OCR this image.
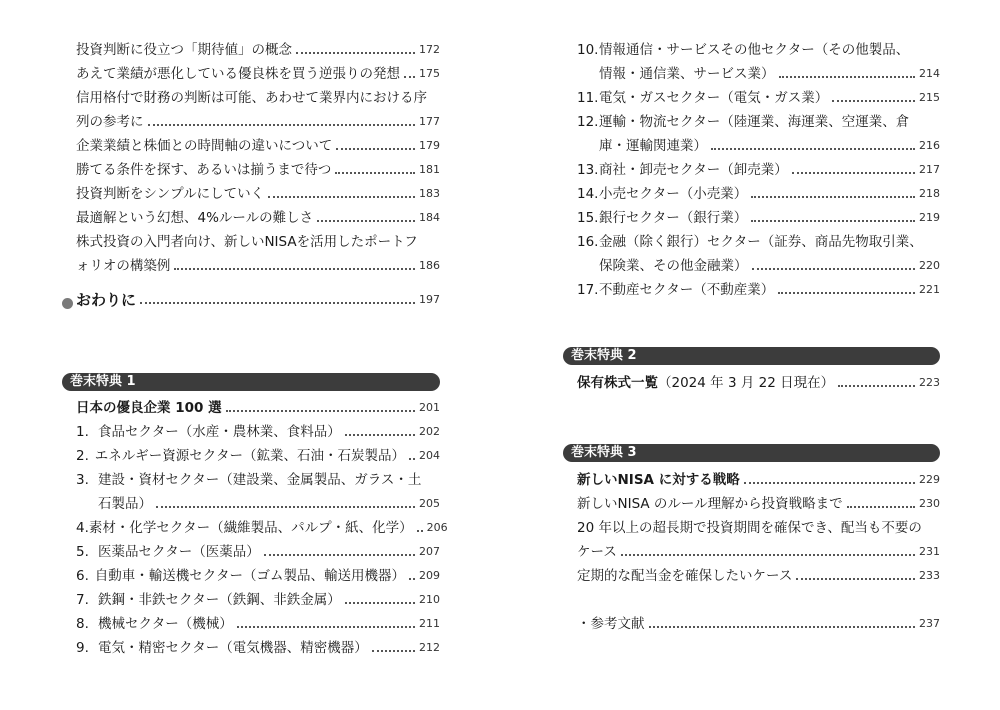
投資判断に役立つ「期待値」の概念	172
あえて業績が悪化している優良株を買う逆張りの発想 175
信用格付で財務の判断は可能、あわせて業界内における序
列の参考に	177
企業業績と株価との時間軸の違いについて	179
勝てる条件を探す、あるいは揃うまで待つ	181
投資判断をシンプルにしていく	183
最適解という幻想、4%ルールの難しさ	184
株式投資の入門者向け、新しいNISAを活用したポートフ
ォリオの構築例	186
おわりに	197
巻末特典 1
日本の優良企業 100 選	201
1. 食品セクター（水産・農林業、食料品）	202
2. エネルギー資源セクター（鉱業、石油・石炭製品） 204
3. 建設・資材セクター（建設業、金属製品、ガラス・土
石製品）	205
4. 素材・化学セクター（繊維製品、パルプ・紙、化学） 206
5. 医薬品セクター（医薬品）	207
6. 自動車・輸送機セクター（ゴム製品、輸送用機器） 209
7. 鉄鋼・非鉄セクター（鉄鋼、非鉄金属）	210
8. 機械セクター（機械）	211
9. 電気・精密セクター（電気機器、精密機器）	212
10. 情報通信・サービスその他セクター（その他製品、
情報・通信業、サービス業）	214
11. 電気・ガスセクター（電気・ガス業）	215
12. 運輸・物流セクター（陸運業、海運業、空運業、倉
庫・運輸関連業）	216
13. 商社・卸売セクター（卸売業）	217
14. 小売セクター（小売業）	218
15. 銀行セクター（銀行業）	219
16. 金融（除く銀行）セクター（証券、商品先物取引業、
保険業、その他金融業）	220
17. 不動産セクター（不動産業）	221
巻末特典 2
保有株式一覧 （2024 年 3 月 22 日現在）	223
巻末特典 3
新しいNISA に対する戦略	229
新しいNISA のルール理解から投資戦略まで	230
20 年以上の超長期で投資期間を確保でき、配当も不要の
ケース	231
定期的な配当金を確保したいケース	233
・参考文献	237
